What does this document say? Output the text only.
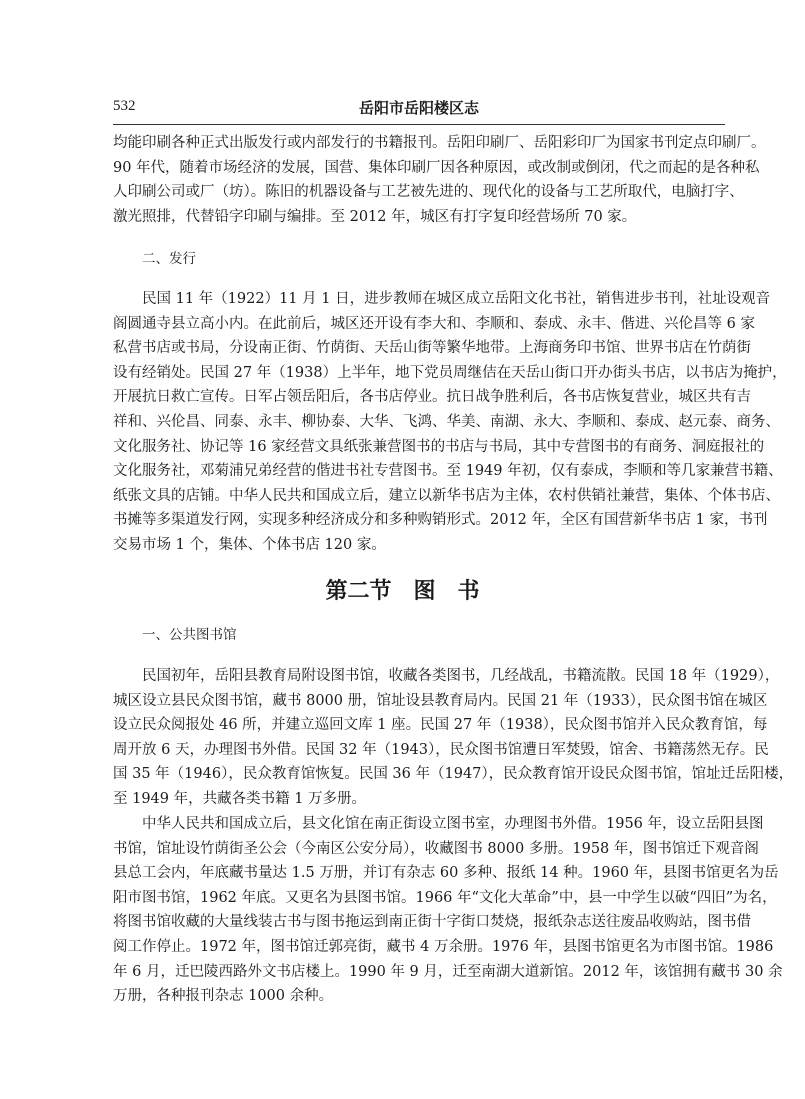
532	岳阳市岳阳楼区志
均能印刷各种正式出版发行或内部发行的书籍报刊。岳阳印刷厂、岳阳彩印厂为国家书刊定点印刷厂。
90 年代，随着市场经济的发展，国营、集体印刷厂因各种原因，或改制或倒闭，代之而起的是各种私
人印刷公司或厂（坊）。陈旧的机器设备与工艺被先进的、现代化的设备与工艺所取代，电脑打字、
激光照排，代替铅字印刷与编排。至 2012 年，城区有打字复印经营场所 70 家。
二、发行
民国 11 年（1922）11 月 1 日，进步教师在城区成立岳阳文化书社，销售进步书刊，社址设观音
阁圆通寺县立高小内。在此前后，城区还开设有李大和、李顺和、泰成、永丰、偕进、兴伦昌等 6 家
私营书店或书局，分设南正街、竹荫街、天岳山街等繁华地带。上海商务印书馆、世界书店在竹荫街
设有经销处。民国 27 年（1938）上半年，地下党员周继佶在天岳山街口开办街头书店，以书店为掩护，
开展抗日救亡宣传。日军占领岳阳后，各书店停业。抗日战争胜利后，各书店恢复营业，城区共有吉
祥和、兴伦昌、同泰、永丰、柳协泰、大华、飞鸿、华美、南湖、永大、李顺和、泰成、赵元泰、商务、
文化服务社、协记等 16 家经营文具纸张兼营图书的书店与书局，其中专营图书的有商务、洞庭报社的
文化服务社，邓菊浦兄弟经营的偕进书社专营图书。至 1949 年初，仅有泰成，李顺和等几家兼营书籍、
纸张文具的店铺。中华人民共和国成立后，建立以新华书店为主体，农村供销社兼营，集体、个体书店、
书摊等多渠道发行网，实现多种经济成分和多种购销形式。2012 年，全区有国营新华书店 1 家，书刊
交易市场 1 个，集体、个体书店 120 家。
第二节　图　书
一、公共图书馆
民国初年，岳阳县教育局附设图书馆，收藏各类图书，几经战乱，书籍流散。民国 18 年（1929），
城区设立县民众图书馆，藏书 8000 册，馆址设县教育局内。民国 21 年（1933），民众图书馆在城区
设立民众阅报处 46 所，并建立巡回文库 1 座。民国 27 年（1938），民众图书馆并入民众教育馆，每
周开放 6 天，办理图书外借。民国 32 年（1943），民众图书馆遭日军焚毁，馆舍、书籍荡然无存。民
国 35 年（1946），民众教育馆恢复。民国 36 年（1947），民众教育馆开设民众图书馆，馆址迁岳阳楼，
至 1949 年，共藏各类书籍 1 万多册。
中华人民共和国成立后，县文化馆在南正街设立图书室，办理图书外借。1956 年，设立岳阳县图
书馆，馆址设竹荫街圣公会（今南区公安分局），收藏图书 8000 多册。1958 年，图书馆迁下观音阁
县总工会内，年底藏书量达 1.5 万册，并订有杂志 60 多种、报纸 14 种。1960 年，县图书馆更名为岳
阳市图书馆，1962 年底。又更名为县图书馆。1966 年“文化大革命”中，县一中学生以破“四旧”为名，
将图书馆收藏的大量线装古书与图书拖运到南正街十字街口焚烧，报纸杂志送往废品收购站，图书借
阅工作停止。1972 年，图书馆迁郭亮街，藏书 4 万余册。1976 年，县图书馆更名为市图书馆。1986
年 6 月，迁巴陵西路外文书店楼上。1990 年 9 月，迁至南湖大道新馆。2012 年，该馆拥有藏书 30 余
万册，各种报刊杂志 1000 余种。
